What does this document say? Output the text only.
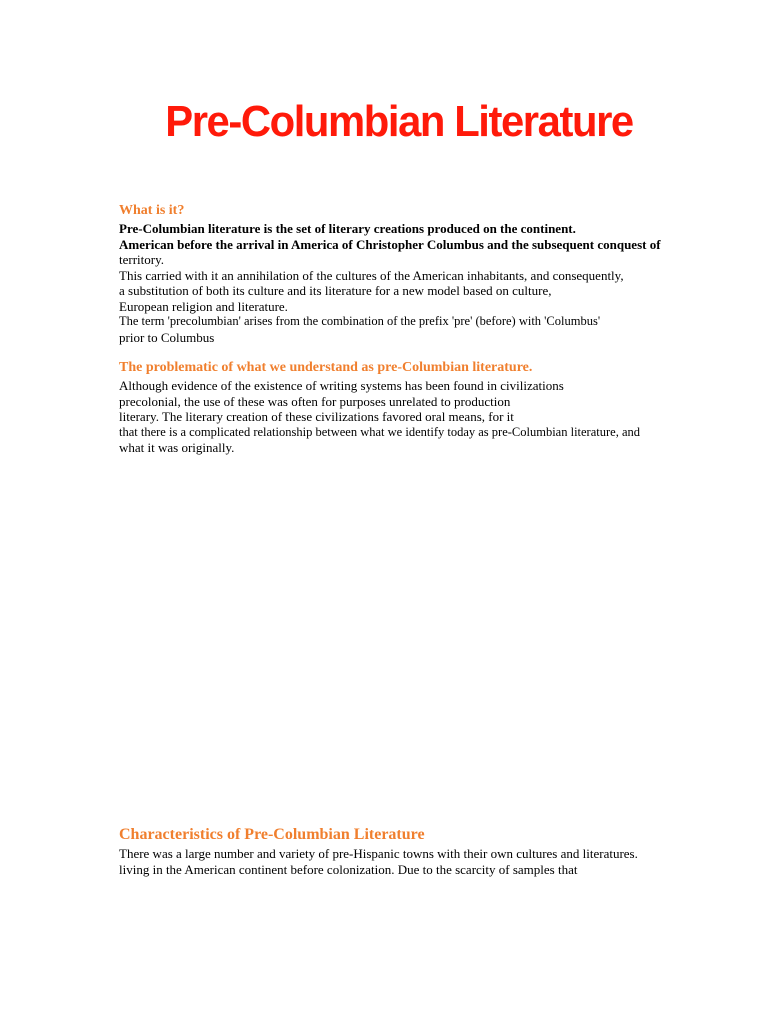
Pre-Columbian Literature
What is it?
Pre-Columbian literature is the set of literary creations produced on the continent.
American before the arrival in America of Christopher Columbus and the subsequent conquest of
territory.
This carried with it an annihilation of the cultures of the American inhabitants, and consequently,
a substitution of both its culture and its literature for a new model based on culture,
European religion and literature.
The term 'precolumbian' arises from the combination of the prefix 'pre' (before) with 'Columbus'
prior to Columbus
The problematic of what we understand as pre-Columbian literature.
Although evidence of the existence of writing systems has been found in civilizations
precolonial, the use of these was often for purposes unrelated to production
literary. The literary creation of these civilizations favored oral means, for it
that there is a complicated relationship between what we identify today as pre-Columbian literature, and
what it was originally.
Characteristics of Pre-Columbian Literature
There was a large number and variety of pre-Hispanic towns with their own cultures and literatures.
living in the American continent before colonization. Due to the scarcity of samples that
